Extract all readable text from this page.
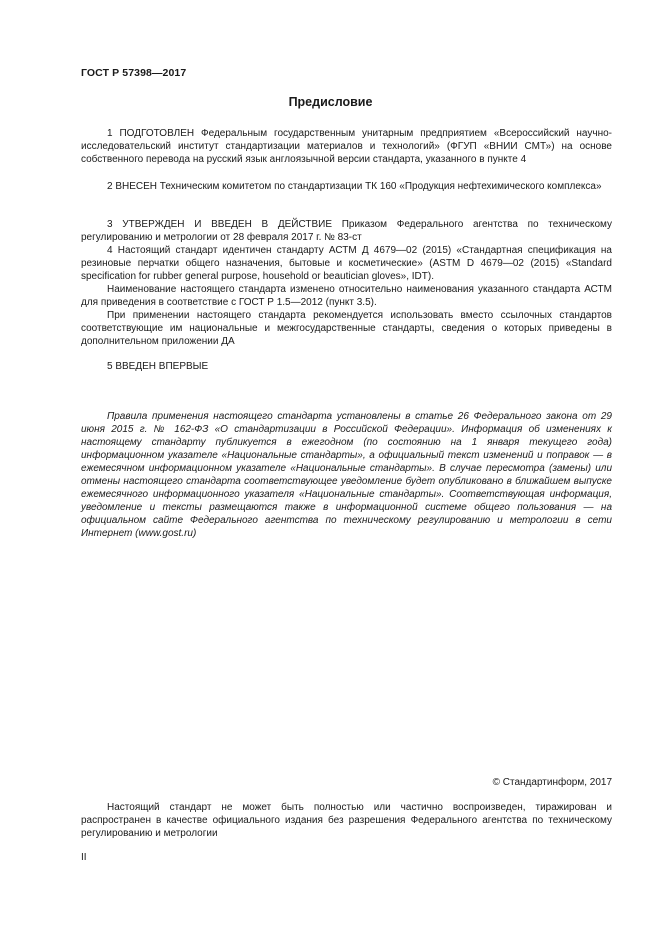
ГОСТ Р 57398—2017
Предисловие
1 ПОДГОТОВЛЕН Федеральным государственным унитарным предприятием «Всероссийский научно-исследовательский институт стандартизации материалов и технологий» (ФГУП «ВНИИ СМТ») на основе собственного перевода на русский язык англоязычной версии стандарта, указанного в пункте 4
2 ВНЕСЕН Техническим комитетом по стандартизации ТК 160 «Продукция нефтехимического комплекса»
3 УТВЕРЖДЕН И ВВЕДЕН В ДЕЙСТВИЕ Приказом Федерального агентства по техническому регулированию и метрологии от 28 февраля 2017 г. № 83-ст
4 Настоящий стандарт идентичен стандарту АСТМ Д 4679—02 (2015) «Стандартная спецификация на резиновые перчатки общего назначения, бытовые и косметические» (ASTM D 4679—02 (2015) «Standard specification for rubber general purpose, household or beautician gloves», IDT).
Наименование настоящего стандарта изменено относительно наименования указанного стандарта АСТМ для приведения в соответствие с ГОСТ Р 1.5—2012 (пункт 3.5).
При применении настоящего стандарта рекомендуется использовать вместо ссылочных стандартов соответствующие им национальные и межгосударственные стандарты, сведения о которых приведены в дополнительном приложении ДА
5 ВВЕДЕН ВПЕРВЫЕ
Правила применения настоящего стандарта установлены в статье 26 Федерального закона от 29 июня 2015 г. № 162-ФЗ «О стандартизации в Российской Федерации». Информация об изменениях к настоящему стандарту публикуется в ежегодном (по состоянию на 1 января текущего года) информационном указателе «Национальные стандарты», а официальный текст изменений и поправок — в ежемесячном информационном указателе «Национальные стандарты». В случае пересмотра (замены) или отмены настоящего стандарта соответствующее уведомление будет опубликовано в ближайшем выпуске ежемесячного информационного указателя «Национальные стандарты». Соответствующая информация, уведомление и тексты размещаются также в информационной системе общего пользования — на официальном сайте Федерального агентства по техническому регулированию и метрологии в сети Интернет (www.gost.ru)
© Стандартинформ, 2017
Настоящий стандарт не может быть полностью или частично воспроизведен, тиражирован и распространен в качестве официального издания без разрешения Федерального агентства по техническому регулированию и метрологии
II
